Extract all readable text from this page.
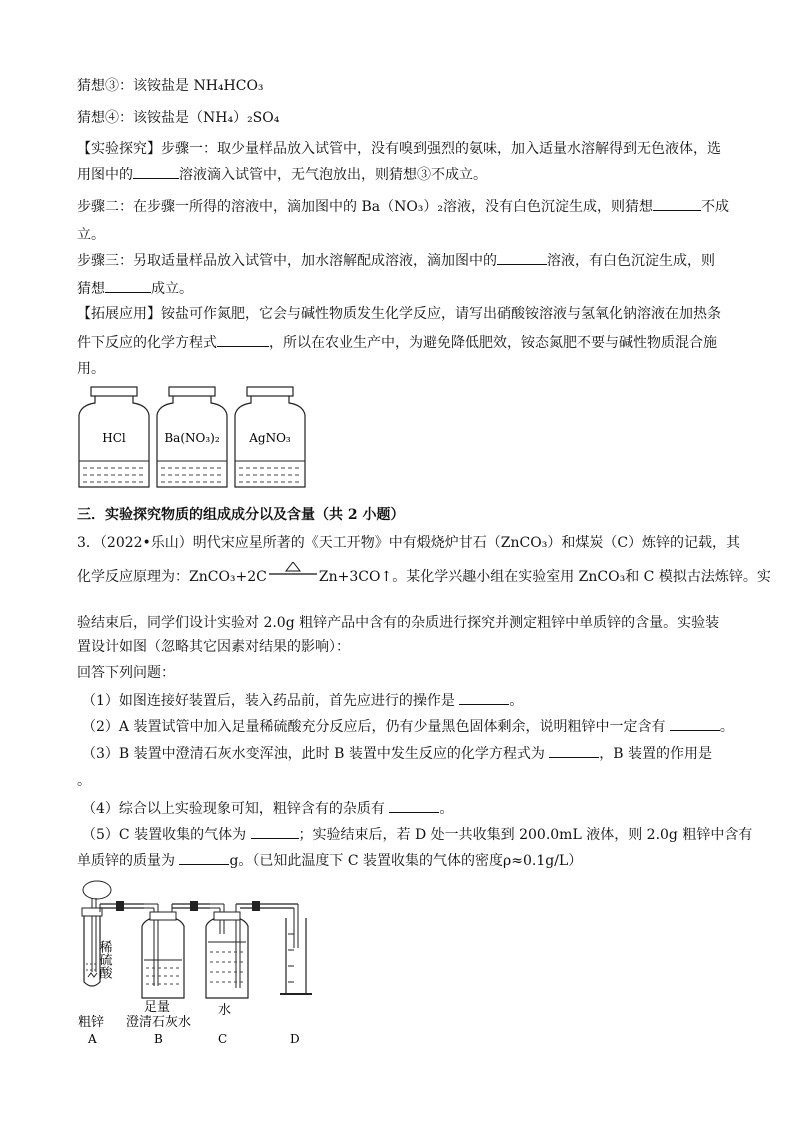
猜想③：该铵盐是 NH₄HCO₃
猜想④：该铵盐是（NH₄）₂SO₄
【实验探究】步骤一：取少量样品放入试管中，没有嗅到强烈的氨味，加入适量水溶解得到无色液体，选
用图中的	溶液滴入试管中，无气泡放出，则猜想③不成立。
步骤二：在步骤一所得的溶液中，滴加图中的 Ba（NO₃）₂溶液，没有白色沉淀生成，则猜想	不成
立。
步骤三：另取适量样品放入试管中，加水溶解配成溶液，滴加图中的	溶液，有白色沉淀生成，则
猜想	成立。
【拓展应用】铵盐可作氮肥，它会与碱性物质发生化学反应，请写出硝酸铵溶液与氢氧化钠溶液在加热条
件下反应的化学方程式	，所以在农业生产中，为避免降低肥效，铵态氮肥不要与碱性物质混合施
用。
HCl	Ba(NO₃)₂ AgNO₃
三．实验探究物质的组成成分以及含量（共 2 小题）
3．（2022•乐山）明代宋应星所著的《天工开物》中有煅烧炉甘石（ZnCO₃）和煤炭（C）炼锌的记载，其
化学反应原理为：ZnCO₃+2C	Zn+3CO↑。某化学兴趣小组在实验室用 ZnCO₃和 C 模拟古法炼锌。实
验结束后，同学们设计实验对 2.0g 粗锌产品中含有的杂质进行探究并测定粗锌中单质锌的含量。实验装
置设计如图（忽略其它因素对结果的影响）：
回答下列问题：
（1）如图连接好装置后，装入药品前，首先应进行的操作是	。
（2）A 装置试管中加入足量稀硫酸充分反应后，仍有少量黑色固体剩余，说明粗锌中一定含有	。
（3）B 装置中澄清石灰水变浑浊，此时 B 装置中发生反应的化学方程式为	，B 装置的作用是
。
（4）综合以上实验现象可知，粗锌含有的杂质有	。
（5）C 装置收集的气体为	；实验结束后，若 D 处一共收集到 200.0mL 液体，则 2.0g 粗锌中含有
单质锌的质量为	g。（已知此温度下 C 装置收集的气体的密度ρ≈0.1g/L）
稀硫酸
粗锌
A
足量
澄清石灰水
B
水
C	D
